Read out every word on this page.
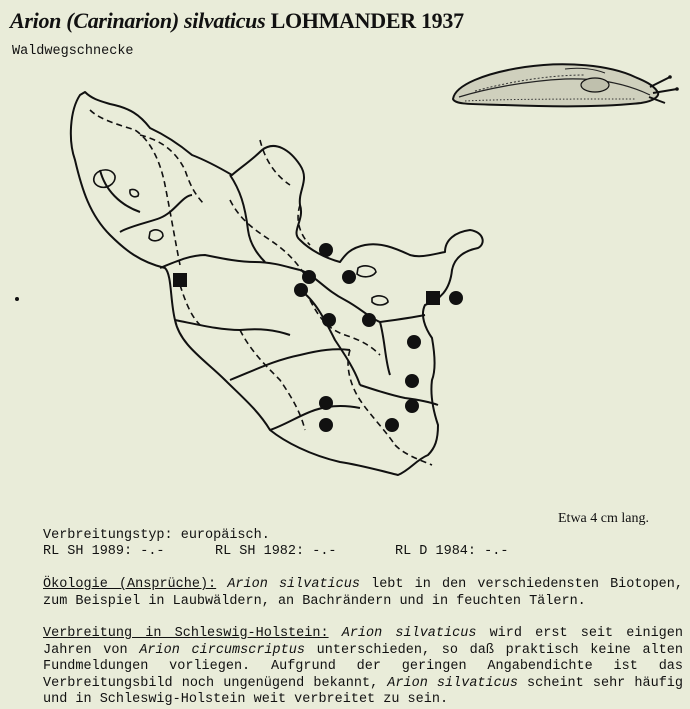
Arion (Carinarion) silvaticus LOHMANDER 1937
Waldwegschnecke
Etwa 4 cm lang.
Verbreitungstyp: europäisch.
RL SH 1989: -.-	RL SH 1982: -.-	RL D 1984: -.-

Ökologie (Ansprüche): Arion silvaticus lebt in den verschiedensten Biotopen, zum Beispiel in Laubwäldern, an Bachrändern und in feuchten Tälern.

Verbreitung in Schleswig-Holstein: Arion silvaticus wird erst seit einigen Jahren von Arion circumscriptus unterschieden, so daß praktisch keine alten Fundmeldungen vorliegen. Aufgrund der geringen Angabendichte ist das Verbreitungsbild noch ungenügend bekannt, Arion silvaticus scheint sehr häufig und in Schleswig-Holstein weit verbreitet zu sein.
